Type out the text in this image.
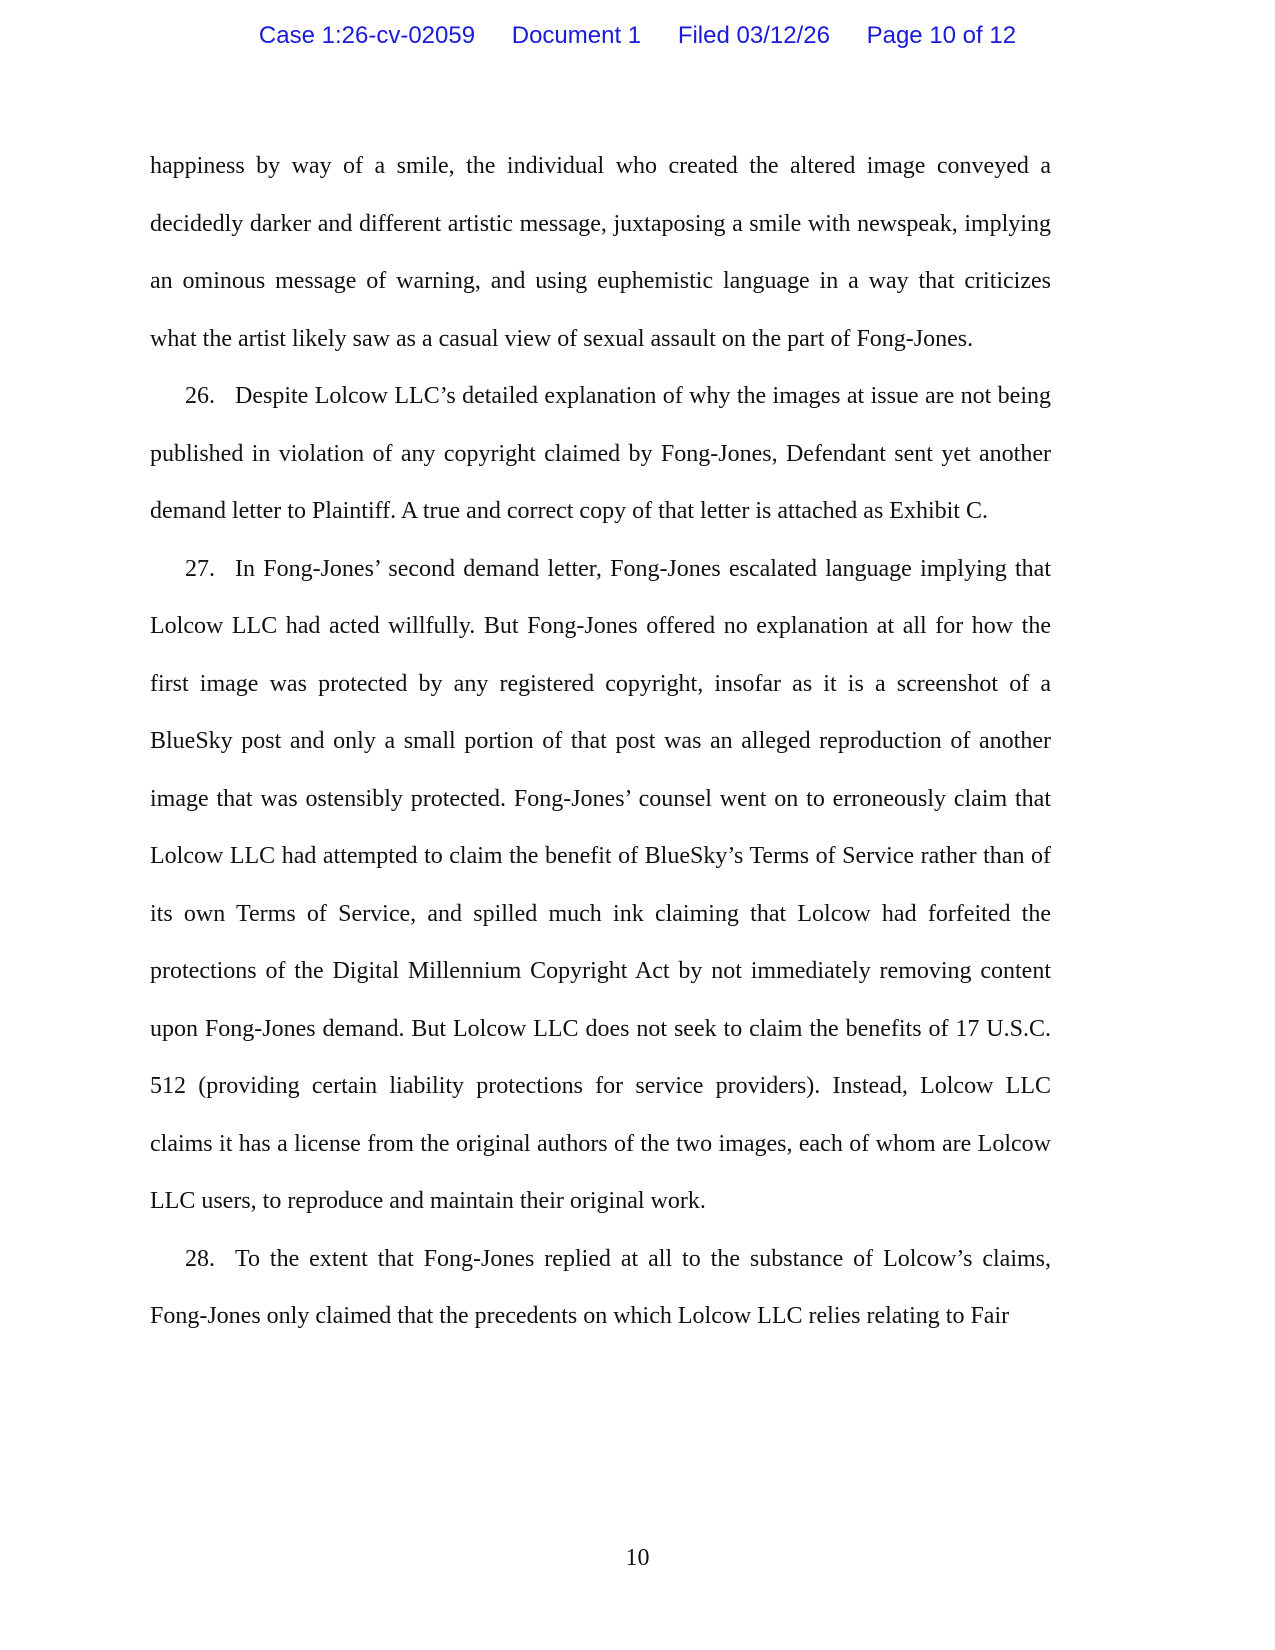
Case 1:26-cv-02059 Document 1 Filed 03/12/26 Page 10 of 12

happiness by way of a smile, the individual who created the altered image conveyed a decidedly darker and different artistic message, juxtaposing a smile with newspeak, implying an ominous message of warning, and using euphemistic language in a way that criticizes what the artist likely saw as a casual view of sexual assault on the part of Fong-Jones.

26. Despite Lolcow LLC’s detailed explanation of why the images at issue are not being published in violation of any copyright claimed by Fong-Jones, Defendant sent yet another demand letter to Plaintiff. A true and correct copy of that letter is attached as Exhibit C.

27. In Fong-Jones’ second demand letter, Fong-Jones escalated language implying that Lolcow LLC had acted willfully. But Fong-Jones offered no explanation at all for how the first image was protected by any registered copyright, insofar as it is a screenshot of a BlueSky post and only a small portion of that post was an alleged reproduction of another image that was ostensibly protected. Fong-Jones’ counsel went on to erroneously claim that Lolcow LLC had attempted to claim the benefit of BlueSky’s Terms of Service rather than of its own Terms of Service, and spilled much ink claiming that Lolcow had forfeited the protections of the Digital Millennium Copyright Act by not immediately removing content upon Fong-Jones demand. But Lolcow LLC does not seek to claim the benefits of 17 U.S.C. 512 (providing certain liability protections for service providers). Instead, Lolcow LLC claims it has a license from the original authors of the two images, each of whom are Lolcow LLC users, to reproduce and maintain their original work.

28. To the extent that Fong-Jones replied at all to the substance of Lolcow’s claims, Fong-Jones only claimed that the precedents on which Lolcow LLC relies relating to Fair

10
